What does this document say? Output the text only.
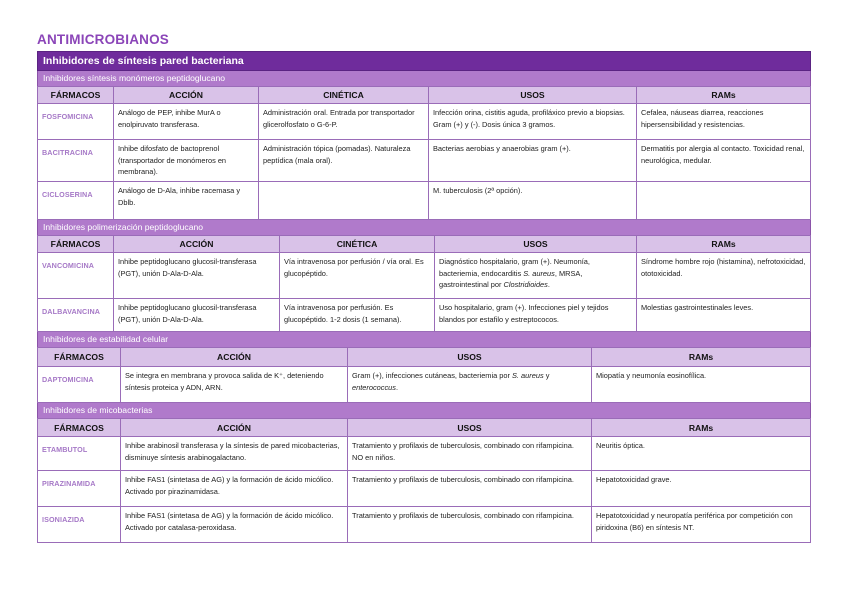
ANTIMICROBIANOS
Inhibidores de síntesis pared bacteriana
Inhibidores síntesis monómeros peptidoglucano
FÁRMACOS	ACCIÓN	CINÉTICA	USOS	RAMs
FOSFOMICINA	Análogo de PEP, inhibe MurA o enolpiruvato transferasa.	Administración oral. Entrada por transportador glicerolfosfato o G-6-P.	Infección orina, cistitis aguda, profiláxico previo a biopsias. Gram (+) y (-). Dosis única 3 gramos.	Cefalea, náuseas diarrea, reacciones hipersensibilidad y resistencias.
BACITRACINA	Inhibe difosfato de bactoprenol (transportador de monómeros en membrana).	Administración tópica (pomadas). Naturaleza peptídica (mala oral).	Bacterias aerobias y anaerobias gram (+).	Dermatitis por alergia al contacto. Toxicidad renal, neurológica, medular.
CICLOSERINA	Análogo de D-Ala, inhibe racemasa y Dblb.		M. tuberculosis (2ª opción).	
Inhibidores polimerización peptidoglucano
FÁRMACOS	ACCIÓN	CINÉTICA	USOS	RAMs
VANCOMICINA	Inhibe peptidoglucano glucosil-transferasa (PGT), unión D-Ala-D-Ala.	Vía intravenosa por perfusión / vía oral. Es glucopéptido.	Diagnóstico hospitalario, gram (+). Neumonía, bacteriemia, endocarditis S. aureus, MRSA, gastrointestinal por Clostridioides.	Síndrome hombre rojo (histamina), nefrotoxicidad, ototoxicidad.
DALBAVANCINA	Inhibe peptidoglucano glucosil-transferasa (PGT), unión D-Ala-D-Ala.	Vía intravenosa por perfusión. Es glucopéptido. 1-2 dosis (1 semana).	Uso hospitalario, gram (+). Infecciones piel y tejidos blandos por estafilo y estreptococos.	Molestias gastrointestinales leves.
Inhibidores de estabilidad celular
FÁRMACOS	ACCIÓN	USOS	RAMs
DAPTOMICINA	Se integra en membrana y provoca salida de K⁺, deteniendo síntesis proteica y ADN, ARN.	Gram (+), infecciones cutáneas, bacteriemia por S. aureus y enterococcus.	Miopatía y neumonía eosinofílica.
Inhibidores de micobacterias
FÁRMACOS	ACCIÓN	USOS	RAMs
ETAMBUTOL	Inhibe arabinosil transferasa y la síntesis de pared micobacterias, disminuye síntesis arabinogalactano.	Tratamiento y profilaxis de tuberculosis, combinado con rifampicina. NO en niños.	Neuritis óptica.
PIRAZINAMIDA	Inhibe FAS1 (sintetasa de AG) y la formación de ácido micólico. Activado por pirazinamidasa.	Tratamiento y profilaxis de tuberculosis, combinado con rifampicina.	Hepatotoxicidad grave.
ISONIAZIDA	Inhibe FAS1 (sintetasa de AG) y la formación de ácido micólico. Activado por catalasa-peroxidasa.	Tratamiento y profilaxis de tuberculosis, combinado con rifampicina.	Hepatotoxicidad y neuropatía periférica por competición con piridoxina (B6) en síntesis NT.
